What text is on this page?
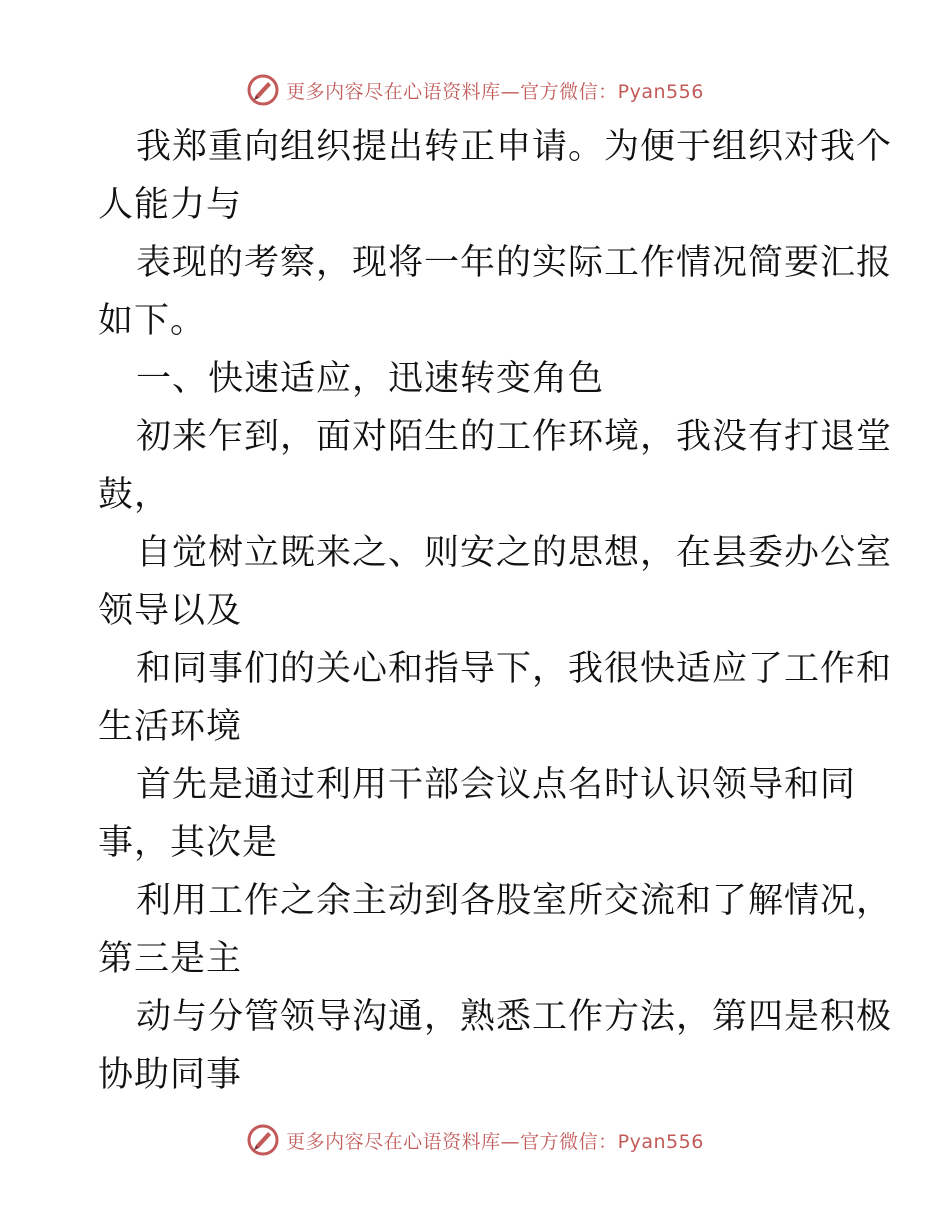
更多内容尽在心语资料库—官方微信：Pyan556
我郑重向组织提出转正申请。为便于组织对我个
人能力与
表现的考察，现将一年的实际工作情况简要汇报
如下。
一、快速适应，迅速转变角色
初来乍到，面对陌生的工作环境，我没有打退堂
鼓，
自觉树立既来之、则安之的思想，在县委办公室
领导以及
和同事们的关心和指导下，我很快适应了工作和
生活环境
首先是通过利用干部会议点名时认识领导和同
事，其次是
利用工作之余主动到各股室所交流和了解情况，
第三是主
动与分管领导沟通，熟悉工作方法，第四是积极
协助同事
更多内容尽在心语资料库—官方微信：Pyan556
